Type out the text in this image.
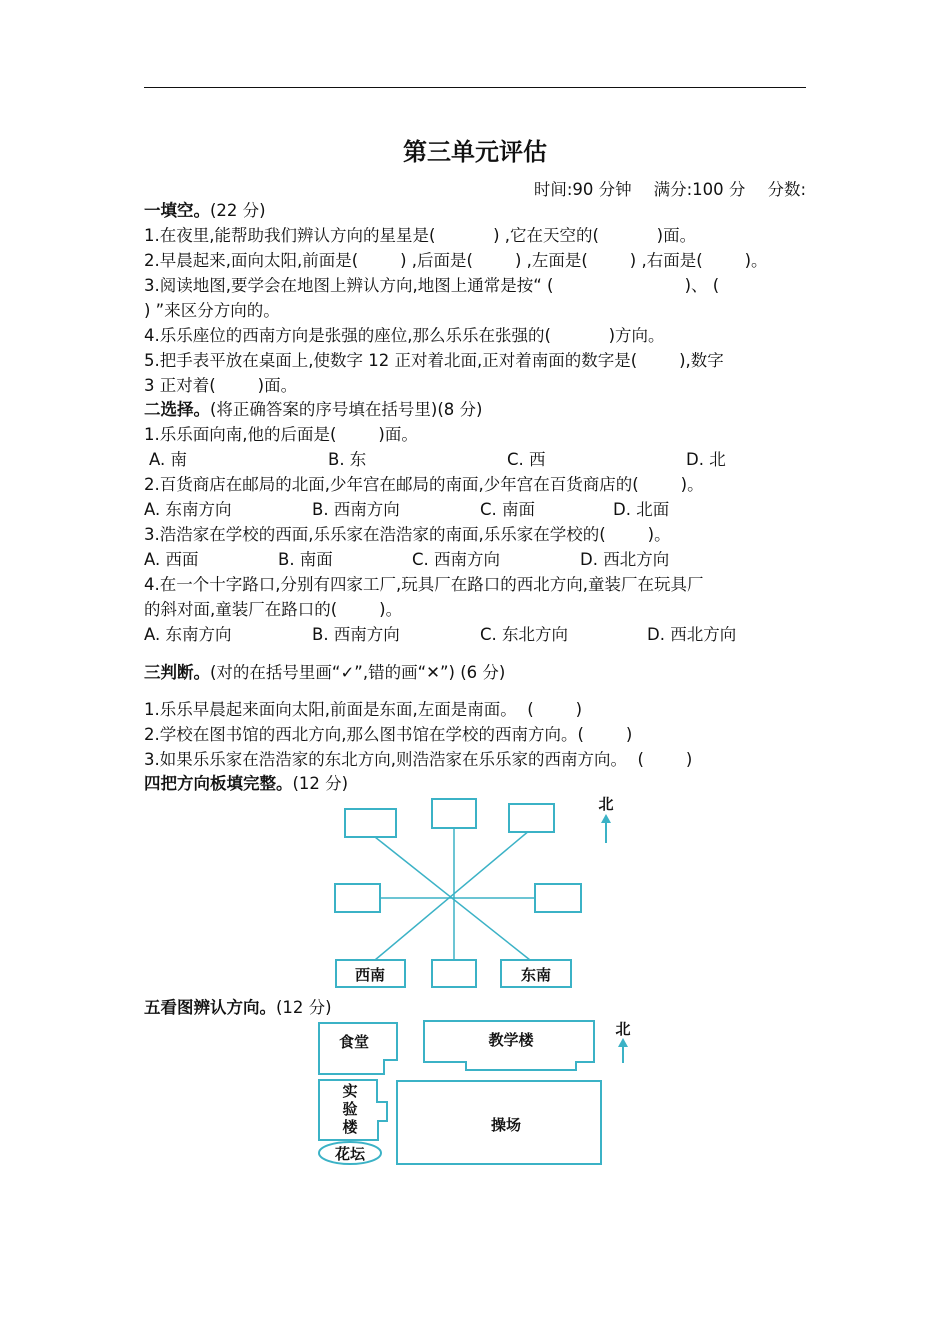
第三单元评估
时间:90 分钟 满分:100 分 分数:
一填空。(22 分)
1.在夜里,能帮助我们辨认方向的星星是(           ) ,它在天空的(           )面。
2.早晨起来,面向太阳,前面是(        ) ,后面是(        ) ,左面是(        ) ,右面是(        )。
3.阅读地图,要学会在地图上辨认方向,地图上通常是按“ (                         )、 (
) ”来区分方向的。
4.乐乐座位的西南方向是张强的座位,那么乐乐在张强的(           )方向。
5.把手表平放在桌面上,使数字 12 正对着北面,正对着南面的数字是(        ),数字
3 正对着(        )面。
二选择。(将正确答案的序号填在括号里)(8 分)
1.乐乐面向南,他的后面是(        )面。
A. 南	B. 东	C. 西	D. 北
2.百货商店在邮局的北面,少年宫在邮局的南面,少年宫在百货商店的(        )。
A. 东南方向	B. 西南方向	C. 南面	D. 北面
3.浩浩家在学校的西面,乐乐家在浩浩家的南面,乐乐家在学校的(        )。
A. 西面	B. 南面	C. 西南方向	D. 西北方向
4.在一个十字路口,分别有四家工厂,玩具厂在路口的西北方向,童装厂在玩具厂
的斜对面,童装厂在路口的(        )。
A. 东南方向	B. 西南方向	C. 东北方向	D. 西北方向
三判断。(对的在括号里画“✓”,错的画“✕”) (6 分)
1.乐乐早晨起来面向太阳,前面是东面,左面是南面。  (        )
2.学校在图书馆的西北方向,那么图书馆在学校的西南方向。(        )
3.如果乐乐家在浩浩家的东北方向,则浩浩家在乐乐家的西南方向。  (        )
四把方向板填完整。(12 分)
西南	东南
北
五看图辨认方向。(12 分)
食堂	教学楼
实
验
楼	操场
花坛
北
